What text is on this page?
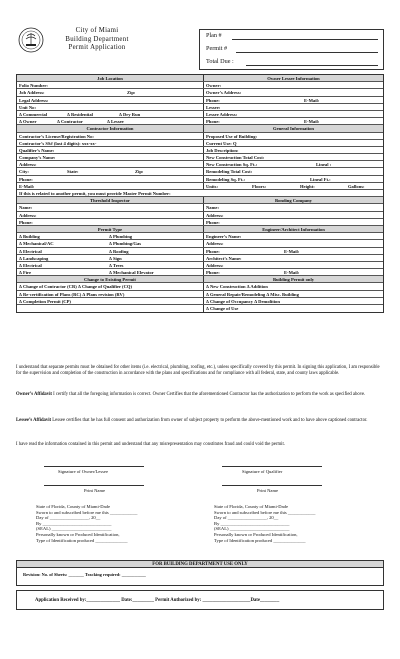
City of Miami
Building Department
Permit Application
Plan #
Permit #
Total Due :
Job Location	Owner Lessee Information
Folio Number:	Owner:
Job Address:	Zip:	Owner’s Address:
Legal Address:	Phone:	E-Mail:
Unit No:	Lessee:
∆ Commercial	∆ Residential	∆ Dry Run	Lessee Address:
∆ Owner	∆ Contractor	∆ Lessee	Phone:	E-Mail:
Contractor Information	General Information
Contractor’s License/Registration No:	Proposed Use of Building:
Contractor’s SS# (last 4 digits): xxx-xx-	Current Use: Q
Qualifier’s Name:	Job Description:
Company’s Name:	New Construction Total Cost:
Address:	New Construction Sq. Ft.:	Lineal :
City:	State:	Zip:	Remodeling Total Cost:
Phone:	Remodeling Sq. Ft.:	Lineal Ft.:
E-Mail:	Units:	Floors:	Height:	Gallons:
If this is related to another permit, you must provide Master Permit Number:
Threshold Inspector	Bonding Company
Name:	Name:
Address:	Address:
Phone:	Phone:
Permit Type	Engineer/Architect Information
∆ Building	∆ Plumbing	Engineer’s Name:
∆ Mechanical/AC	∆ Plumbing/Gas	Address:
∆ Electrical	∆ Roofing	Phone:	E-Mail:
∆ Landscaping	∆ Sign	Architect’s Name:
∆ Electrical	∆ Trees	Address:
∆ Fire	∆ Mechanical Elevator	Phone:	E-Mail:
Change to Existing Permit	Building Permit only
∆ Change of Contractor (CR) ∆ Change of Qualifier (CQ)	∆ New Construction ∆ Addition
∆ Re-certification of Plans (RC) ∆ Plans revision (RV)	∆ General Repair/Remodeling ∆ Misc. Building
∆ Completion Permit (CP)	∆ Change of Occupancy ∆ Demolition
∆ Change of Use
I understand that separate permits must be obtained for other items (i.e. electrical, plumbing, roofing, etc.), unless specifically covered by this permit. In signing this application, I am responsible for the supervision and completion of the construction in accordance with the plans and specifications and for compliance with all federal, state, and county laws applicable.
Owner’s Affidavit I certify that all the foregoing information is correct. Owner Certifies that the aforementioned Contractor has the authorization to perform the work as specified above.
Lessee’s Affidavit Lessee certifies that he has full consent and authorization from owner of subject property to perform the above-mentioned work and to have above captioned contractor.
I have read the information contained in this permit and understand that any misrepresentation may constitutes fraud and could void the permit.
Signature of Owner/Lessee
Print Name
Signature of Qualifier
Print Name
State of Florida, County of Miami-Dade
Sworn to and subscribed before me this ____________
Day of _________________, 20__
By ______________________________
(SEAL) __________________________
Personally known or Produced Identification,
Type of Identification produced ______________
State of Florida, County of Miami-Dade
Sworn to and subscribed before me this ____________
Day of _________________, 20__
By ______________________________
(SEAL) __________________________
Personally known or Produced Identification,
Type of Identification produced ______________
FOR BUILDING DEPARTMENT USE ONLY
Revision: No. of Sheets: _______ Tracking required: ___________
Application Received by:______________ Date:_________ Permit Authorized by: ____________________Date________
